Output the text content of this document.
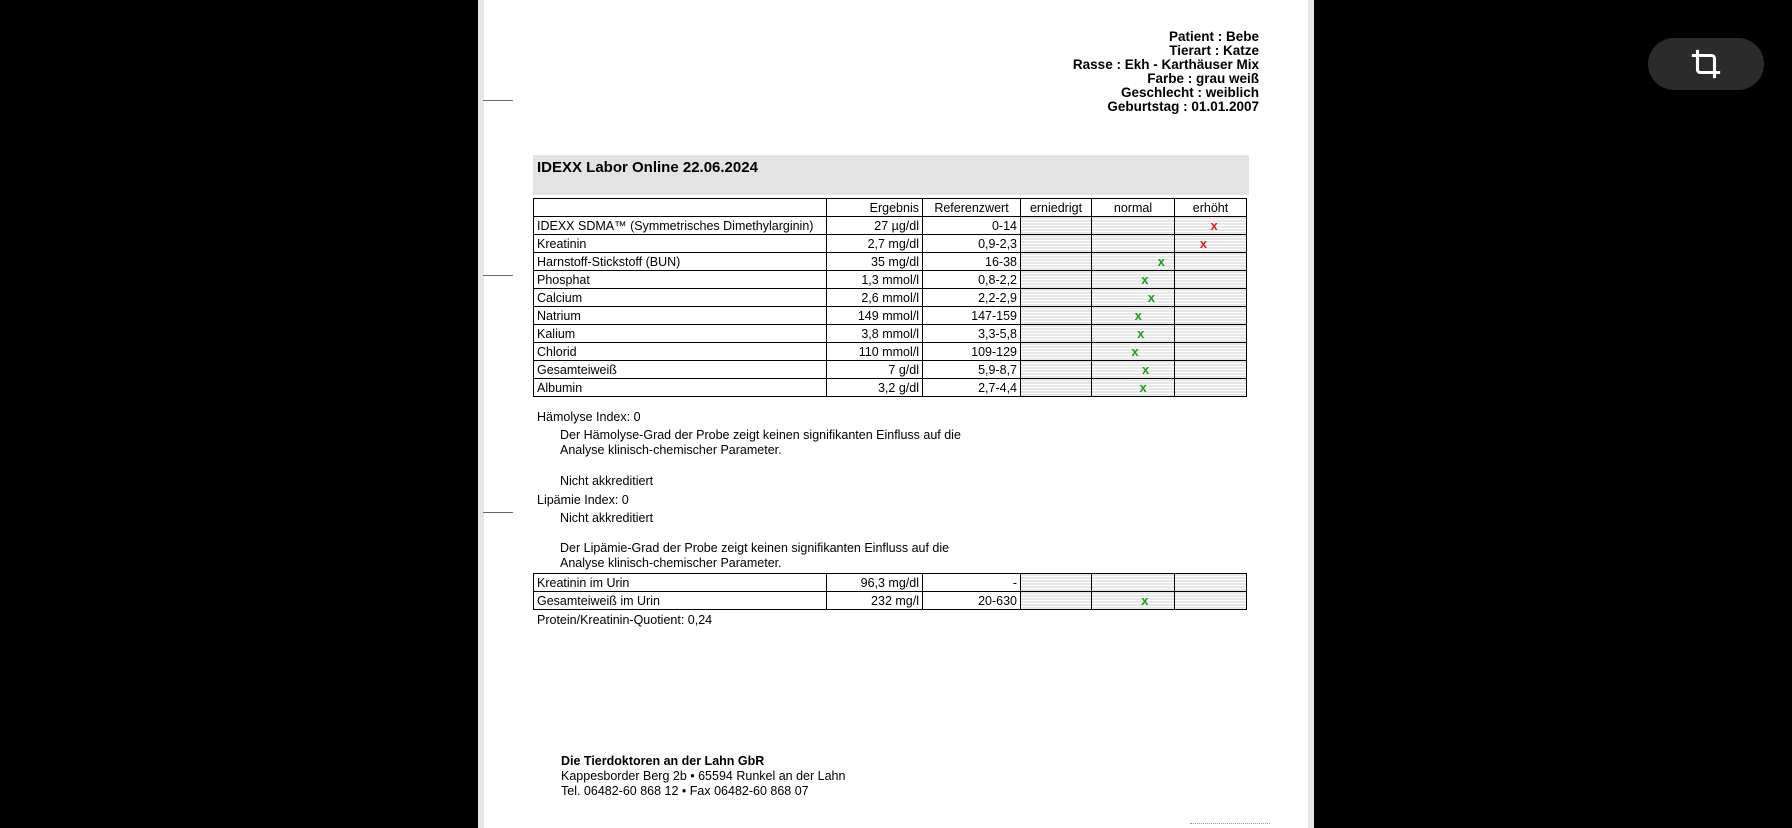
Patient : Bebe
Tierart : Katze
Rasse : Ekh - Karthäuser Mix
Farbe : grau weiß
Geschlecht : weiblich
Geburtstag : 01.01.2007
IDEXX Labor Online 22.06.2024
	Ergebnis	Referenzwert	erniedrigt	normal	erhöht
IDEXX SDMA™ (Symmetrisches Dimethylarginin)	27 µg/dl	0-14			x

Kreatinin	2,7 mg/dl	0,9-2,3			x

Harnstoff-Stickstoff (BUN)	35 mg/dl	16-38		x	

Phosphat	1,3 mmol/l	0,8-2,2		x	

Calcium	2,6 mmol/l	2,2-2,9		x	

Natrium	149 mmol/l	147-159		x	

Kalium	3,8 mmol/l	3,3-5,8		x	

Chlorid	110 mmol/l	109-129		x	

Gesamteiweiß	7 g/dl	5,9-8,7		x	

Albumin	3,2 g/dl	2,7-4,4		x	

Hämolyse Index: 0
Der Hämolyse-Grad der Probe zeigt keinen signifikanten Einfluss auf die
Analyse klinisch-chemischer Parameter.
Nicht akkreditiert
Lipämie Index: 0
Nicht akkreditiert
Der Lipämie-Grad der Probe zeigt keinen signifikanten Einfluss auf die
Analyse klinisch-chemischer Parameter.
Kreatinin im Urin	96,3 mg/dl	-			
Gesamteiweiß im Urin	232 mg/l	20-630		x	

Protein/Kreatinin-Quotient: 0,24
Die Tierdoktoren an der Lahn GbR
Kappesborder Berg 2b • 65594 Runkel an der Lahn
Tel. 06482-60 868 12 • Fax 06482-60 868 07
